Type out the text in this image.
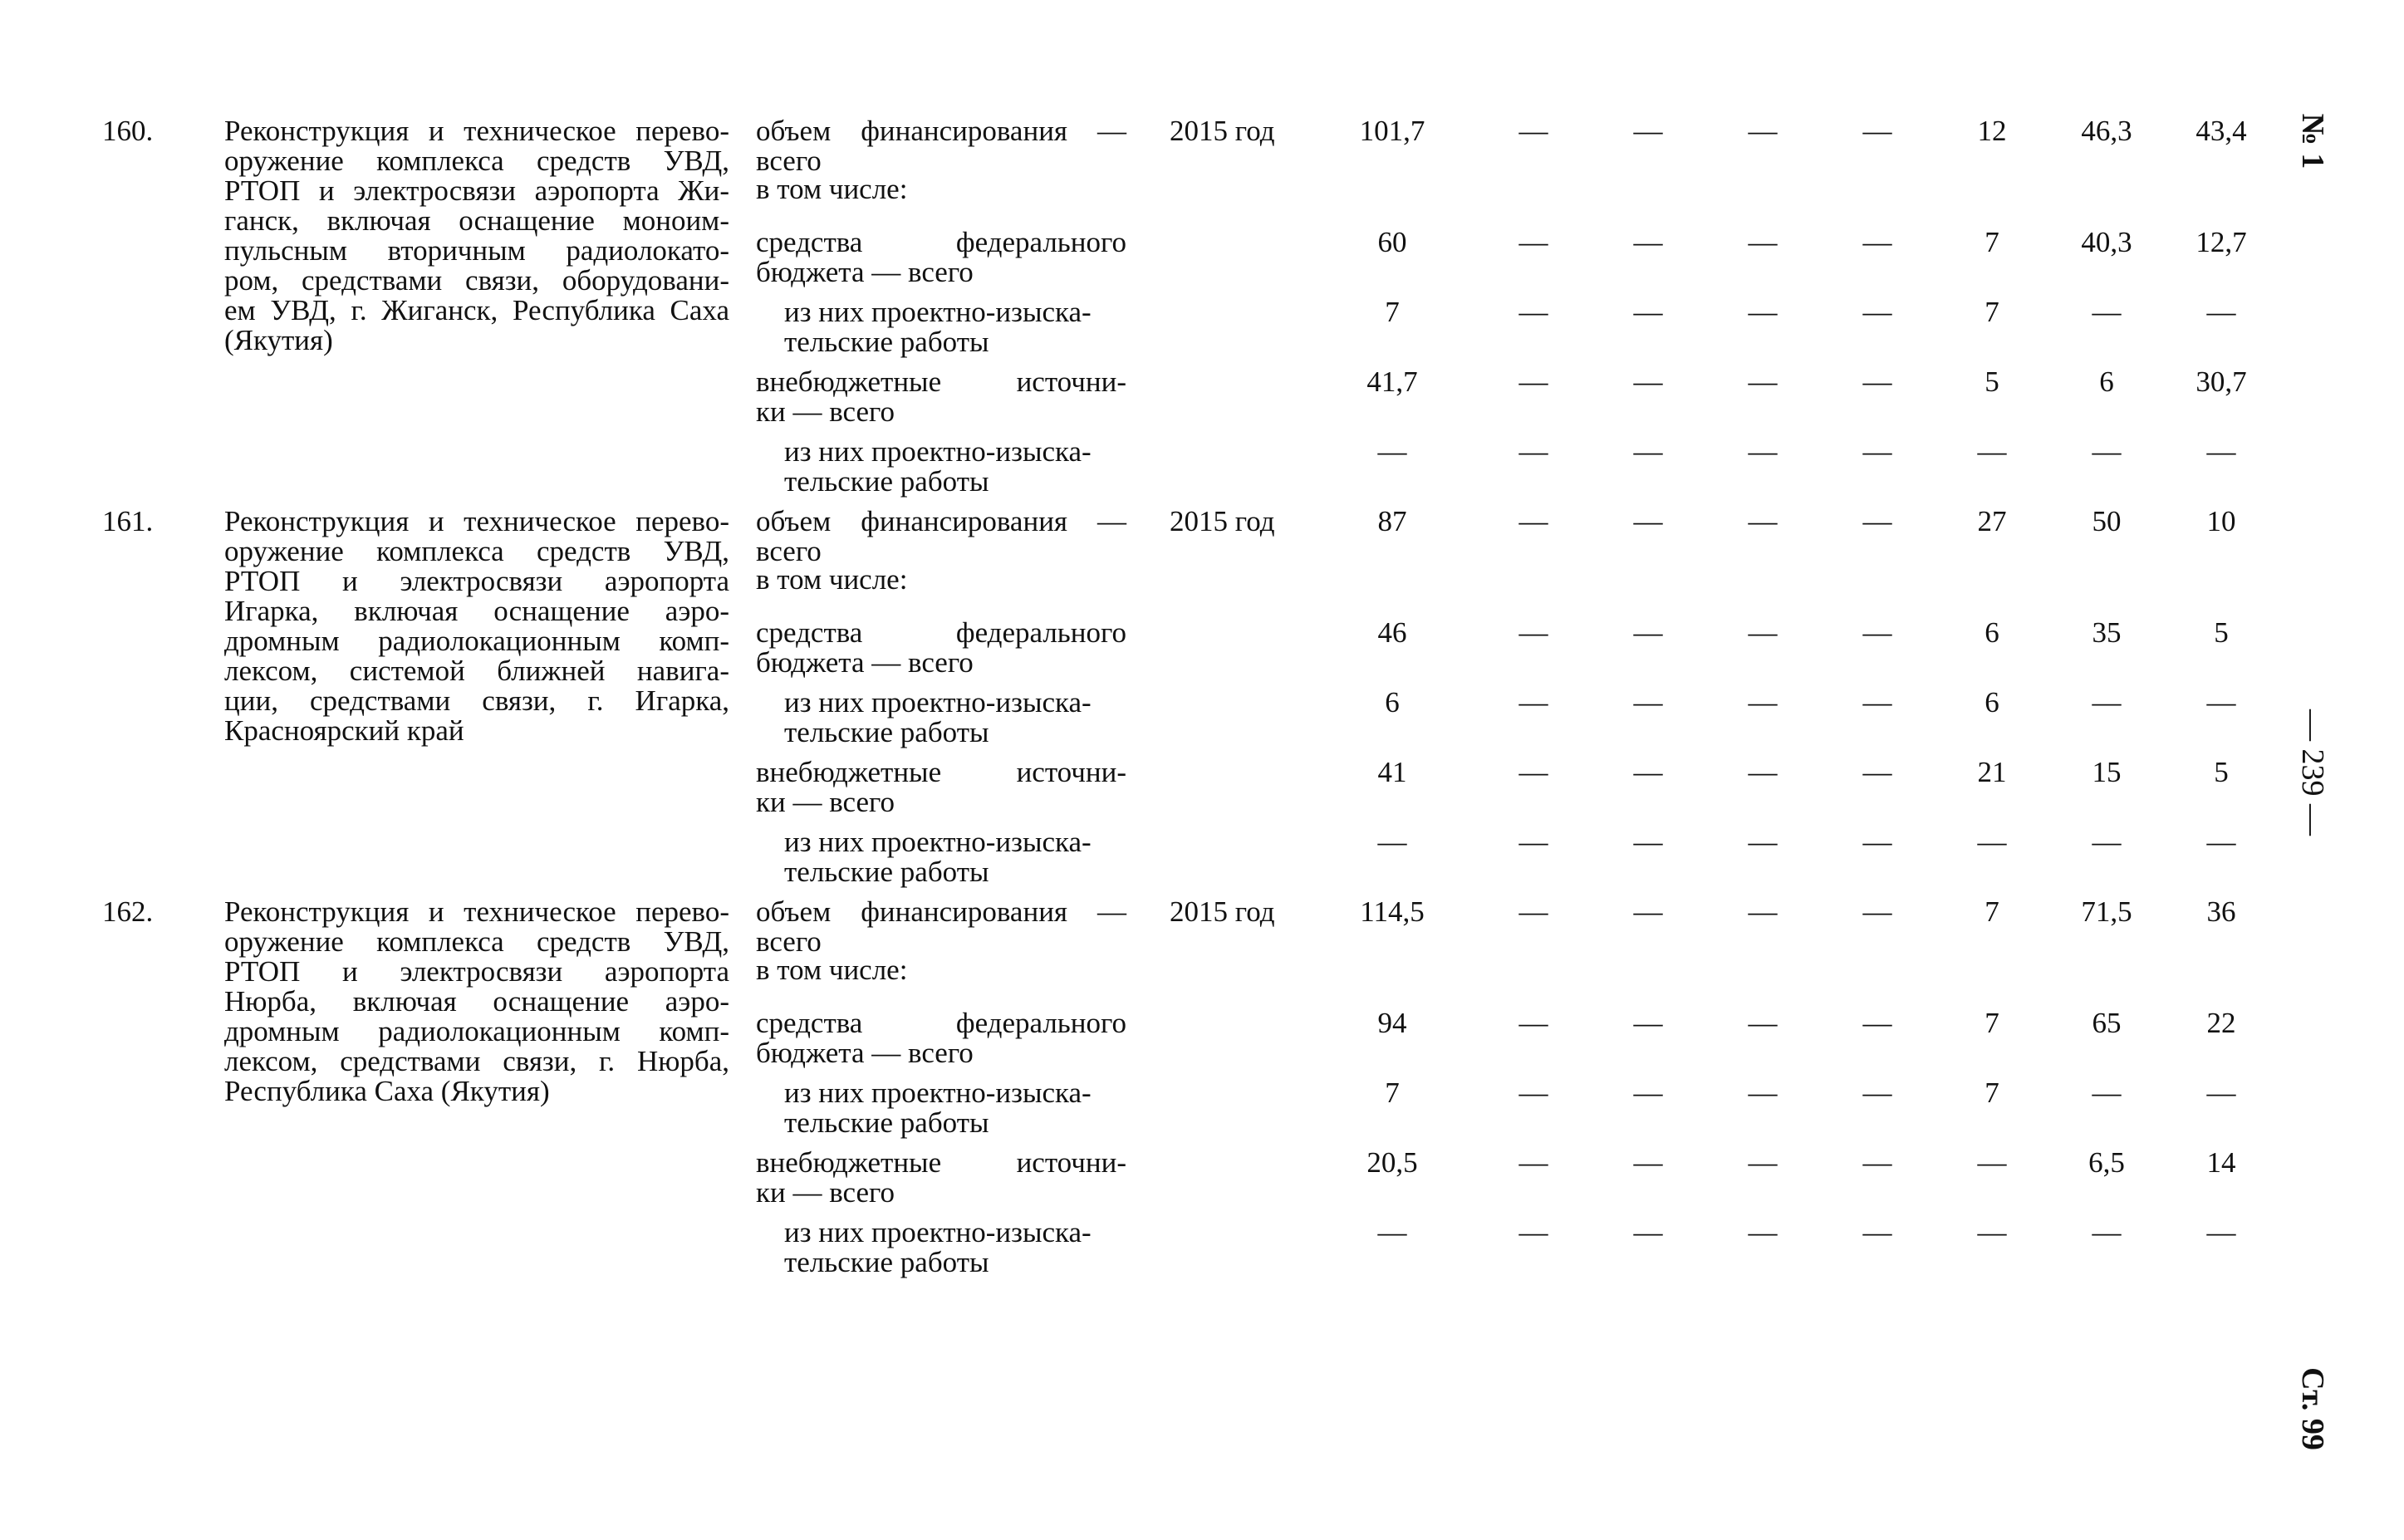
№ 1
— 239 —
Ст. 99
160.	Реконструкция и техническое перево-
оружение комплекса средств УВД,
РТОП и электросвязи аэропорта Жи-
ганск, включая оснащение моноим-
пульсным вторичным радиолокато-
ром, средствами связи, оборудовани-
ем УВД, г. Жиганск, Республика Саха
(Якутия)
2015 год
объем финансирования —
всего
101,7	—	—	—	—	12	46,3	43,4
в том числе:
средства федерального
бюджета — всего
60	—	—	—	—	7	40,3	12,7
из них проектно-изыска-
тельские работы
7	—	—	—	—	7	—	—
внебюджетные источни-
ки — всего
41,7	—	—	—	—	5	6	30,7
из них проектно-изыска-
тельские работы
—	—	—	—	—	—	—	—
161.	Реконструкция и техническое перево-
оружение комплекса средств УВД,
РТОП и электросвязи аэропорта
Игарка, включая оснащение аэро-
дромным радиолокационным комп-
лексом, системой ближней навига-
ции, средствами связи, г. Игарка,
Красноярский край
2015 год
объем финансирования —
всего
87	—	—	—	—	27	50	10
в том числе:
средства федерального
бюджета — всего
46	—	—	—	—	6	35	5
из них проектно-изыска-
тельские работы
6	—	—	—	—	6	—	—
внебюджетные источни-
ки — всего
41	—	—	—	—	21	15	5
из них проектно-изыска-
тельские работы
—	—	—	—	—	—	—	—
162.	Реконструкция и техническое перево-
оружение комплекса средств УВД,
РТОП и электросвязи аэропорта
Нюрба, включая оснащение аэро-
дромным радиолокационным комп-
лексом, средствами связи, г. Нюрба,
Республика Саха (Якутия)
2015 год
объем финансирования —
всего
114,5	—	—	—	—	7	71,5	36
в том числе:
средства федерального
бюджета — всего
94	—	—	—	—	7	65	22
из них проектно-изыска-
тельские работы
7	—	—	—	—	7	—	—
внебюджетные источни-
ки — всего
20,5	—	—	—	—	—	6,5	14
из них проектно-изыска-
тельские работы
—	—	—	—	—	—	—	—
